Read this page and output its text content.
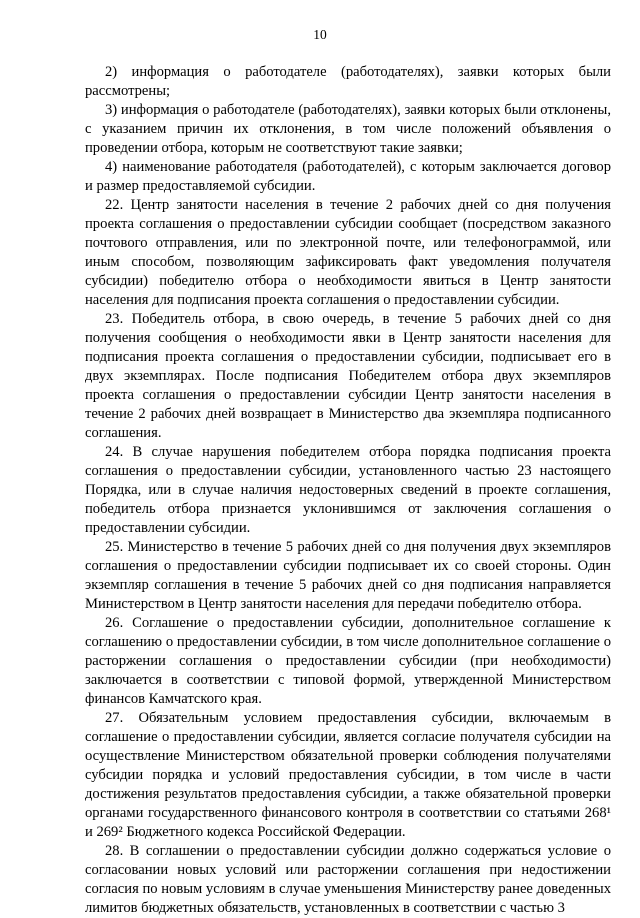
10

2) информация о работодателе (работодателях), заявки которых были рассмотрены;

3) информация о работодателе (работодателях), заявки которых были отклонены, с указанием причин их отклонения, в том числе положений объявления о проведении отбора, которым не соответствуют такие заявки;

4) наименование работодателя (работодателей), с которым заключается договор и размер предоставляемой субсидии.

22. Центр занятости населения в течение 2 рабочих дней со дня получения проекта соглашения о предоставлении субсидии сообщает (посредством заказного почтового отправления, или по электронной почте, или телефонограммой, или иным способом, позволяющим зафиксировать факт уведомления получателя субсидии) победителю отбора о необходимости явиться в Центр занятости населения для подписания проекта соглашения о предоставлении субсидии.

23. Победитель отбора, в свою очередь, в течение 5 рабочих дней со дня получения сообщения о необходимости явки в Центр занятости населения для подписания проекта соглашения о предоставлении субсидии, подписывает его в двух экземплярах. После подписания Победителем отбора двух экземпляров проекта соглашения о предоставлении субсидии Центр занятости населения в течение 2 рабочих дней возвращает в Министерство два экземпляра подписанного соглашения.

24. В случае нарушения победителем отбора порядка подписания проекта соглашения о предоставлении субсидии, установленного частью 23 настоящего Порядка, или в случае наличия недостоверных сведений в проекте соглашения, победитель отбора признается уклонившимся от заключения соглашения о предоставлении субсидии.

25. Министерство в течение 5 рабочих дней со дня получения двух экземпляров соглашения о предоставлении субсидии подписывает их со своей стороны. Один экземпляр соглашения в течение 5 рабочих дней со дня подписания направляется Министерством в Центр занятости населения для передачи победителю отбора.

26. Соглашение о предоставлении субсидии, дополнительное соглашение к соглашению о предоставлении субсидии, в том числе дополнительное соглашение о расторжении соглашения о предоставлении субсидии (при необходимости) заключается в соответствии с типовой формой, утвержденной Министерством финансов Камчатского края.

27. Обязательным условием предоставления субсидии, включаемым в соглашение о предоставлении субсидии, является согласие получателя субсидии на осуществление Министерством обязательной проверки соблюдения получателями субсидии порядка и условий предоставления субсидии, в том числе в части достижения результатов предоставления субсидии, а также обязательной проверки органами государственного финансового контроля в соответствии со статьями 268¹ и 269² Бюджетного кодекса Российской Федерации.

28. В соглашении о предоставлении субсидии должно содержаться условие о согласовании новых условий или расторжении соглашения при недостижении согласия по новым условиям в случае уменьшения Министерству ранее доведенных лимитов бюджетных обязательств, установленных в соответствии с частью 3
